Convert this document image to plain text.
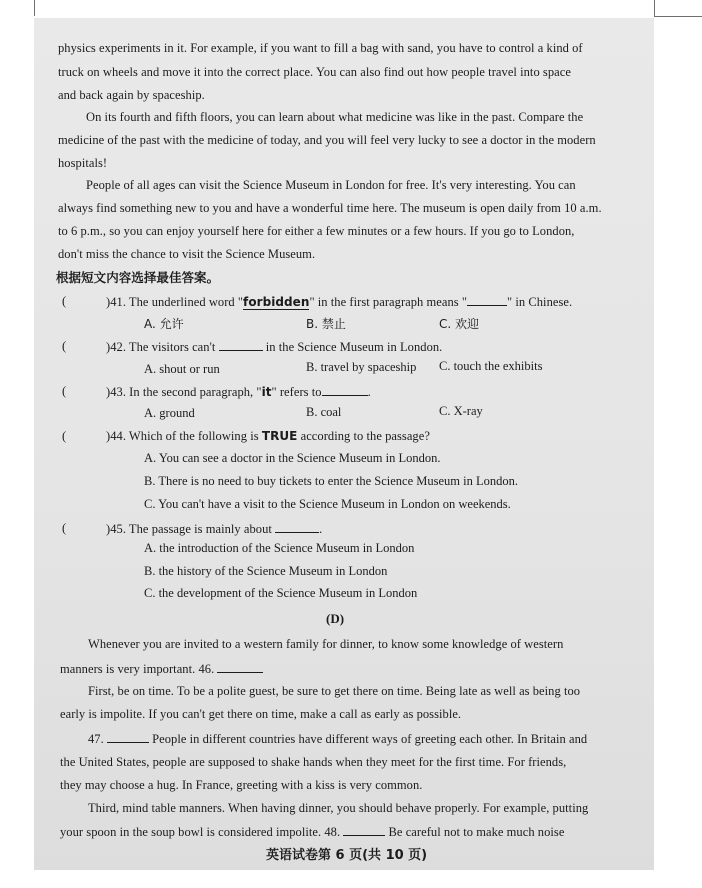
physics experiments in it. For example, if you want to fill a bag with sand, you have to control a kind of
truck on wheels and move it into the correct place. You can also find out how people travel into space
and back again by spaceship.
On its fourth and fifth floors, you can learn about what medicine was like in the past. Compare the
medicine of the past with the medicine of today, and you will feel very lucky to see a doctor in the modern
hospitals!
People of all ages can visit the Science Museum in London for free. It's very interesting. You can
always find something new to you and have a wonderful time here. The museum is open daily from 10 a.m.
to 6 p.m., so you can enjoy yourself here for either a few minutes or a few hours. If you go to London,
don't miss the chance to visit the Science Museum.
根据短文内容选择最佳答案。
(	)41. The underlined word "forbidden" in the first paragraph means "	" in Chinese.
A. 允许	B. 禁止	C. 欢迎
(	)42. The visitors can't	in the Science Museum in London.
A. shout or run	B. travel by spaceship C. touch the exhibits
(	)43. In the second paragraph, "it" refers to	.
A. ground	B. coal	C. X-ray
(	)44. Which of the following is TRUE according to the passage?
A. You can see a doctor in the Science Museum in London.
B. There is no need to buy tickets to enter the Science Museum in London.
C. You can't have a visit to the Science Museum in London on weekends.
(	)45. The passage is mainly about	.
A. the introduction of the Science Museum in London
B. the history of the Science Museum in London
C. the development of the Science Museum in London
(D)
Whenever you are invited to a western family for dinner, to know some knowledge of western
manners is very important. 46.
First, be on time. To be a polite guest, be sure to get there on time. Being late as well as being too
early is impolite. If you can't get there on time, make a call as early as possible.
47.	People in different countries have different ways of greeting each other. In Britain and
the United States, people are supposed to shake hands when they meet for the first time. For friends,
they may choose a hug. In France, greeting with a kiss is very common.
Third, mind table manners. When having dinner, you should behave properly. For example, putting
your spoon in the soup bowl is considered impolite. 48.	Be careful not to make much noise
英语试卷第 6 页(共 10 页)
